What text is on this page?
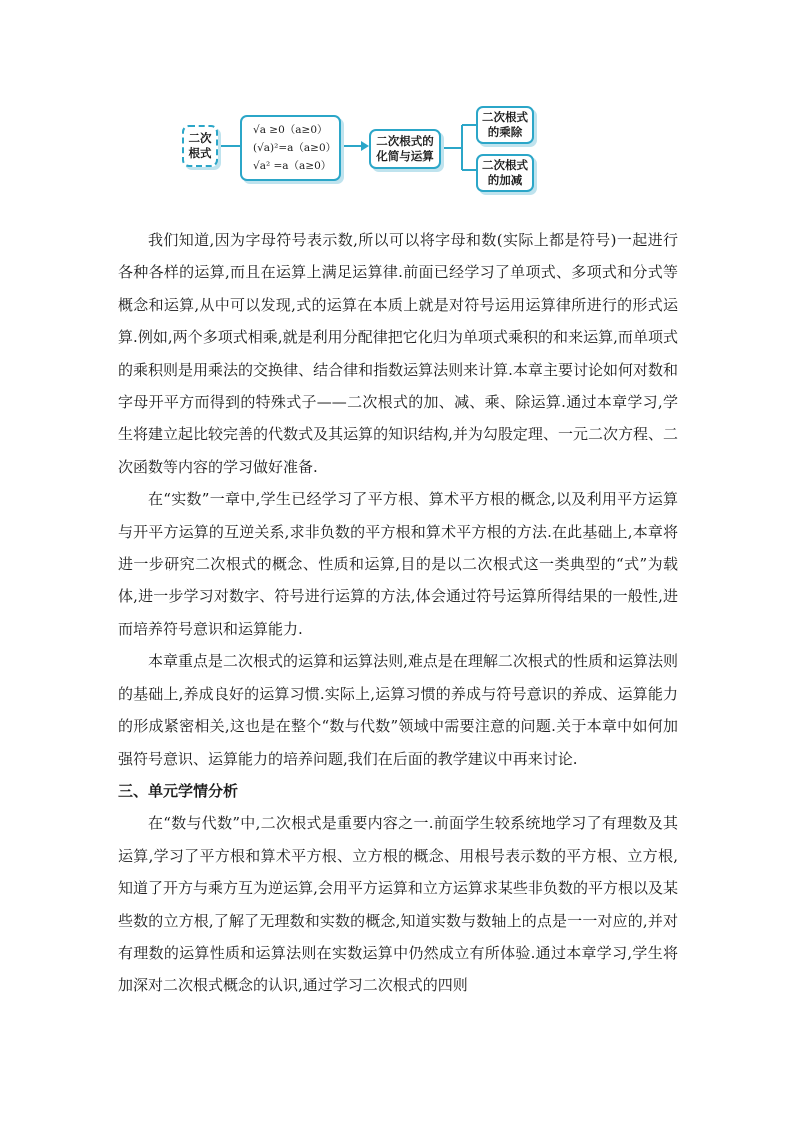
二次
根式
√a ≥0（a≥0）
(√a)²=a（a≥0）
√a² =a（a≥0）
二次根式的
化简与运算
二次根式
的乘除
二次根式
的加减

我们知道,因为字母符号表示数,所以可以将字母和数(实际上都是符号)一起进行各种各样的运算,而且在运算上满足运算律.前面已经学习了单项式、多项式和分式等概念和运算,从中可以发现,式的运算在本质上就是对符号运用运算律所进行的形式运算.例如,两个多项式相乘,就是利用分配律把它化归为单项式乘积的和来运算,而单项式的乘积则是用乘法的交换律、结合律和指数运算法则来计算.本章主要讨论如何对数和字母开平方而得到的特殊式子——二次根式的加、减、乘、除运算.通过本章学习,学生将建立起比较完善的代数式及其运算的知识结构,并为勾股定理、一元二次方程、二次函数等内容的学习做好准备.

在“实数”一章中,学生已经学习了平方根、算术平方根的概念,以及利用平方运算与开平方运算的互逆关系,求非负数的平方根和算术平方根的方法.在此基础上,本章将进一步研究二次根式的概念、性质和运算,目的是以二次根式这一类典型的“式”为载体,进一步学习对数字、符号进行运算的方法,体会通过符号运算所得结果的一般性,进而培养符号意识和运算能力.

本章重点是二次根式的运算和运算法则,难点是在理解二次根式的性质和运算法则的基础上,养成良好的运算习惯.实际上,运算习惯的养成与符号意识的养成、运算能力的形成紧密相关,这也是在整个“数与代数”领域中需要注意的问题.关于本章中如何加强符号意识、运算能力的培养问题,我们在后面的教学建议中再来讨论.

三、单元学情分析

在“数与代数”中,二次根式是重要内容之一.前面学生较系统地学习了有理数及其运算,学习了平方根和算术平方根、立方根的概念、用根号表示数的平方根、立方根,知道了开方与乘方互为逆运算,会用平方运算和立方运算求某些非负数的平方根以及某些数的立方根,了解了无理数和实数的概念,知道实数与数轴上的点是一一对应的,并对有理数的运算性质和运算法则在实数运算中仍然成立有所体验.通过本章学习,学生将加深对二次根式概念的认识,通过学习二次根式的四则
